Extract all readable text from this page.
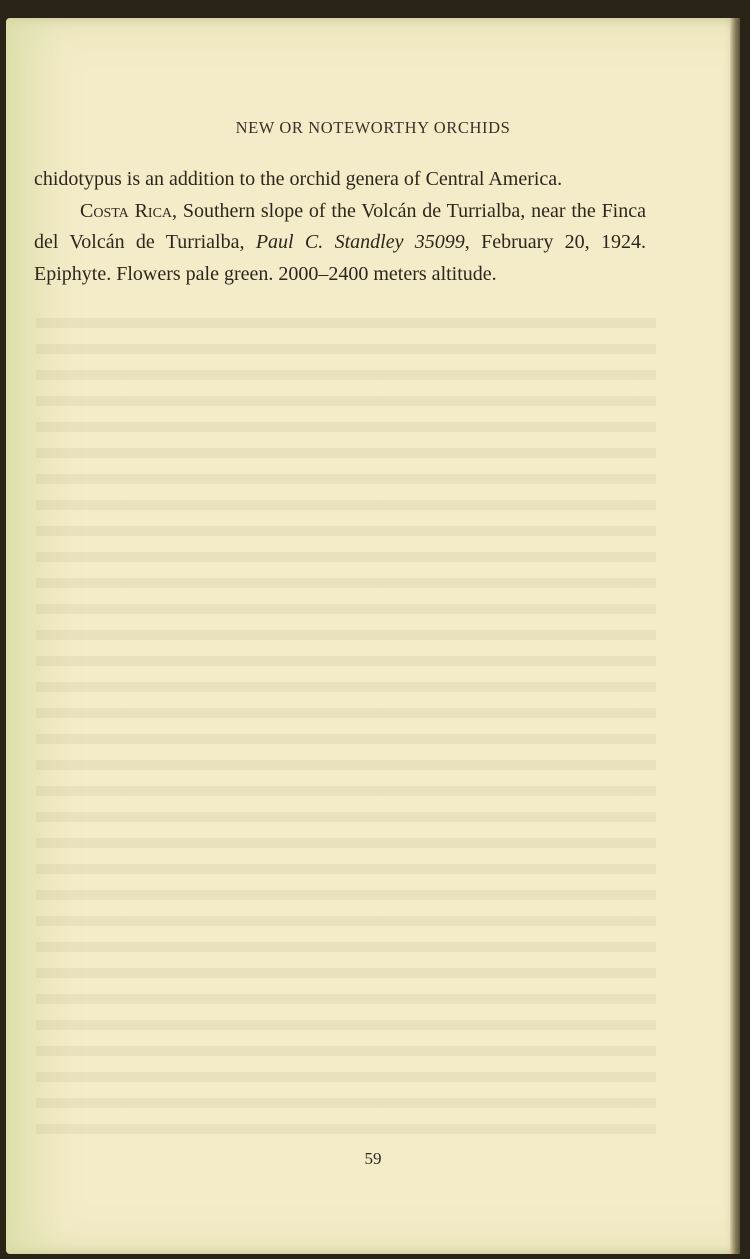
NEW OR NOTEWORTHY ORCHIDS

chidotypus is an addition to the orchid genera of Central America.

Costa Rica, Southern slope of the Volcán de Turrialba, near the Finca del Volcán de Turrialba, Paul C. Standley 35099, February 20, 1924. Epiphyte. Flowers pale green. 2000–2400 meters altitude.

59
